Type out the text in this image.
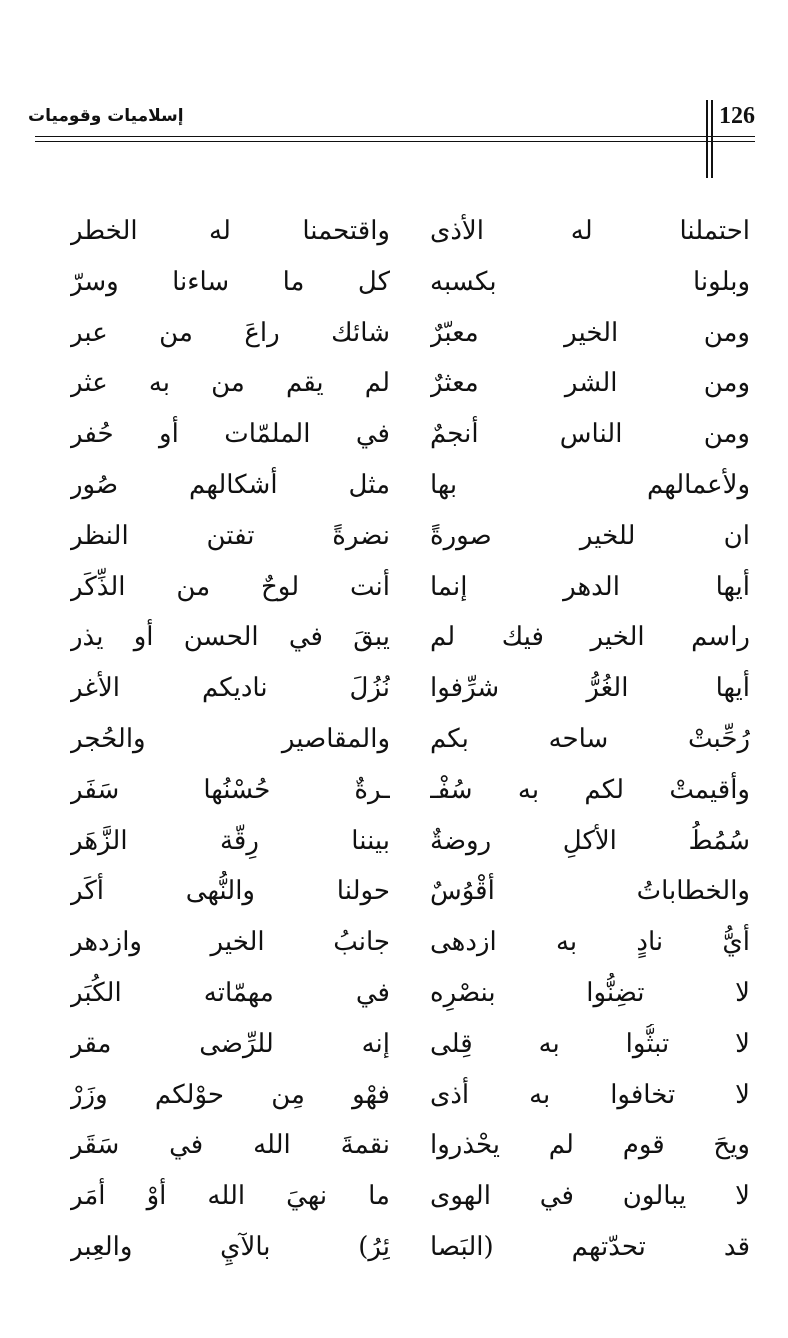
126
إسلاميات وقوميات
احتملنا له الأذى
واقتحمنا له الخطر
وبلونا بكسبه
كل ما ساءنا وسرّ
ومن الخير معبّرٌ
شائك راعَ من عبر
ومن الشر معثرٌ
لم يقم من به عثر
ومن الناس أنجمٌ
في الملمّات أو حُفر
ولأعمالهم بها
مثل أشكالهم صُور
ان للخير صورةً
نضرةً تفتن النظر
أيها الدهر إنما
أنت لوحٌ من الذِّكَر
راسم الخير فيك لم
يبقَ في الحسن أو يذر
أيها الغُرُّ شرِّفوا
نُزُلَ ناديكم الأغر
رُحِّبتْ ساحه بكم
والمقاصير والحُجر
وأقيمتْ لكم به سُفْـ
ـرةٌ حُسْنُها سَفَر
سُمُطُ الأكلِ روضةٌ
بيننا رِقّة الزَّهَر
والخطاباتُ أقْوُسٌ
حولنا والنُّهى أكَر
أيُّ نادٍ به ازدهى
جانبُ الخير وازدهر
لا تضِنُّوا بنصْرِه
في مهمّاته الكُبَر
لا تبثُّوا به قِلى
إنه للرِّضى مقر
لا تخافوا به أذى
فهْو مِن حوْلكم وزَرْ
ويحَ قوم لم يحْذروا
نقمةَ الله في سَقَر
لا يبالون في الهوى
ما نهيَ الله أوْ أمَر
قد تحدّتهم (البَصا
ئِرُ) بالآيِ والعِبر
